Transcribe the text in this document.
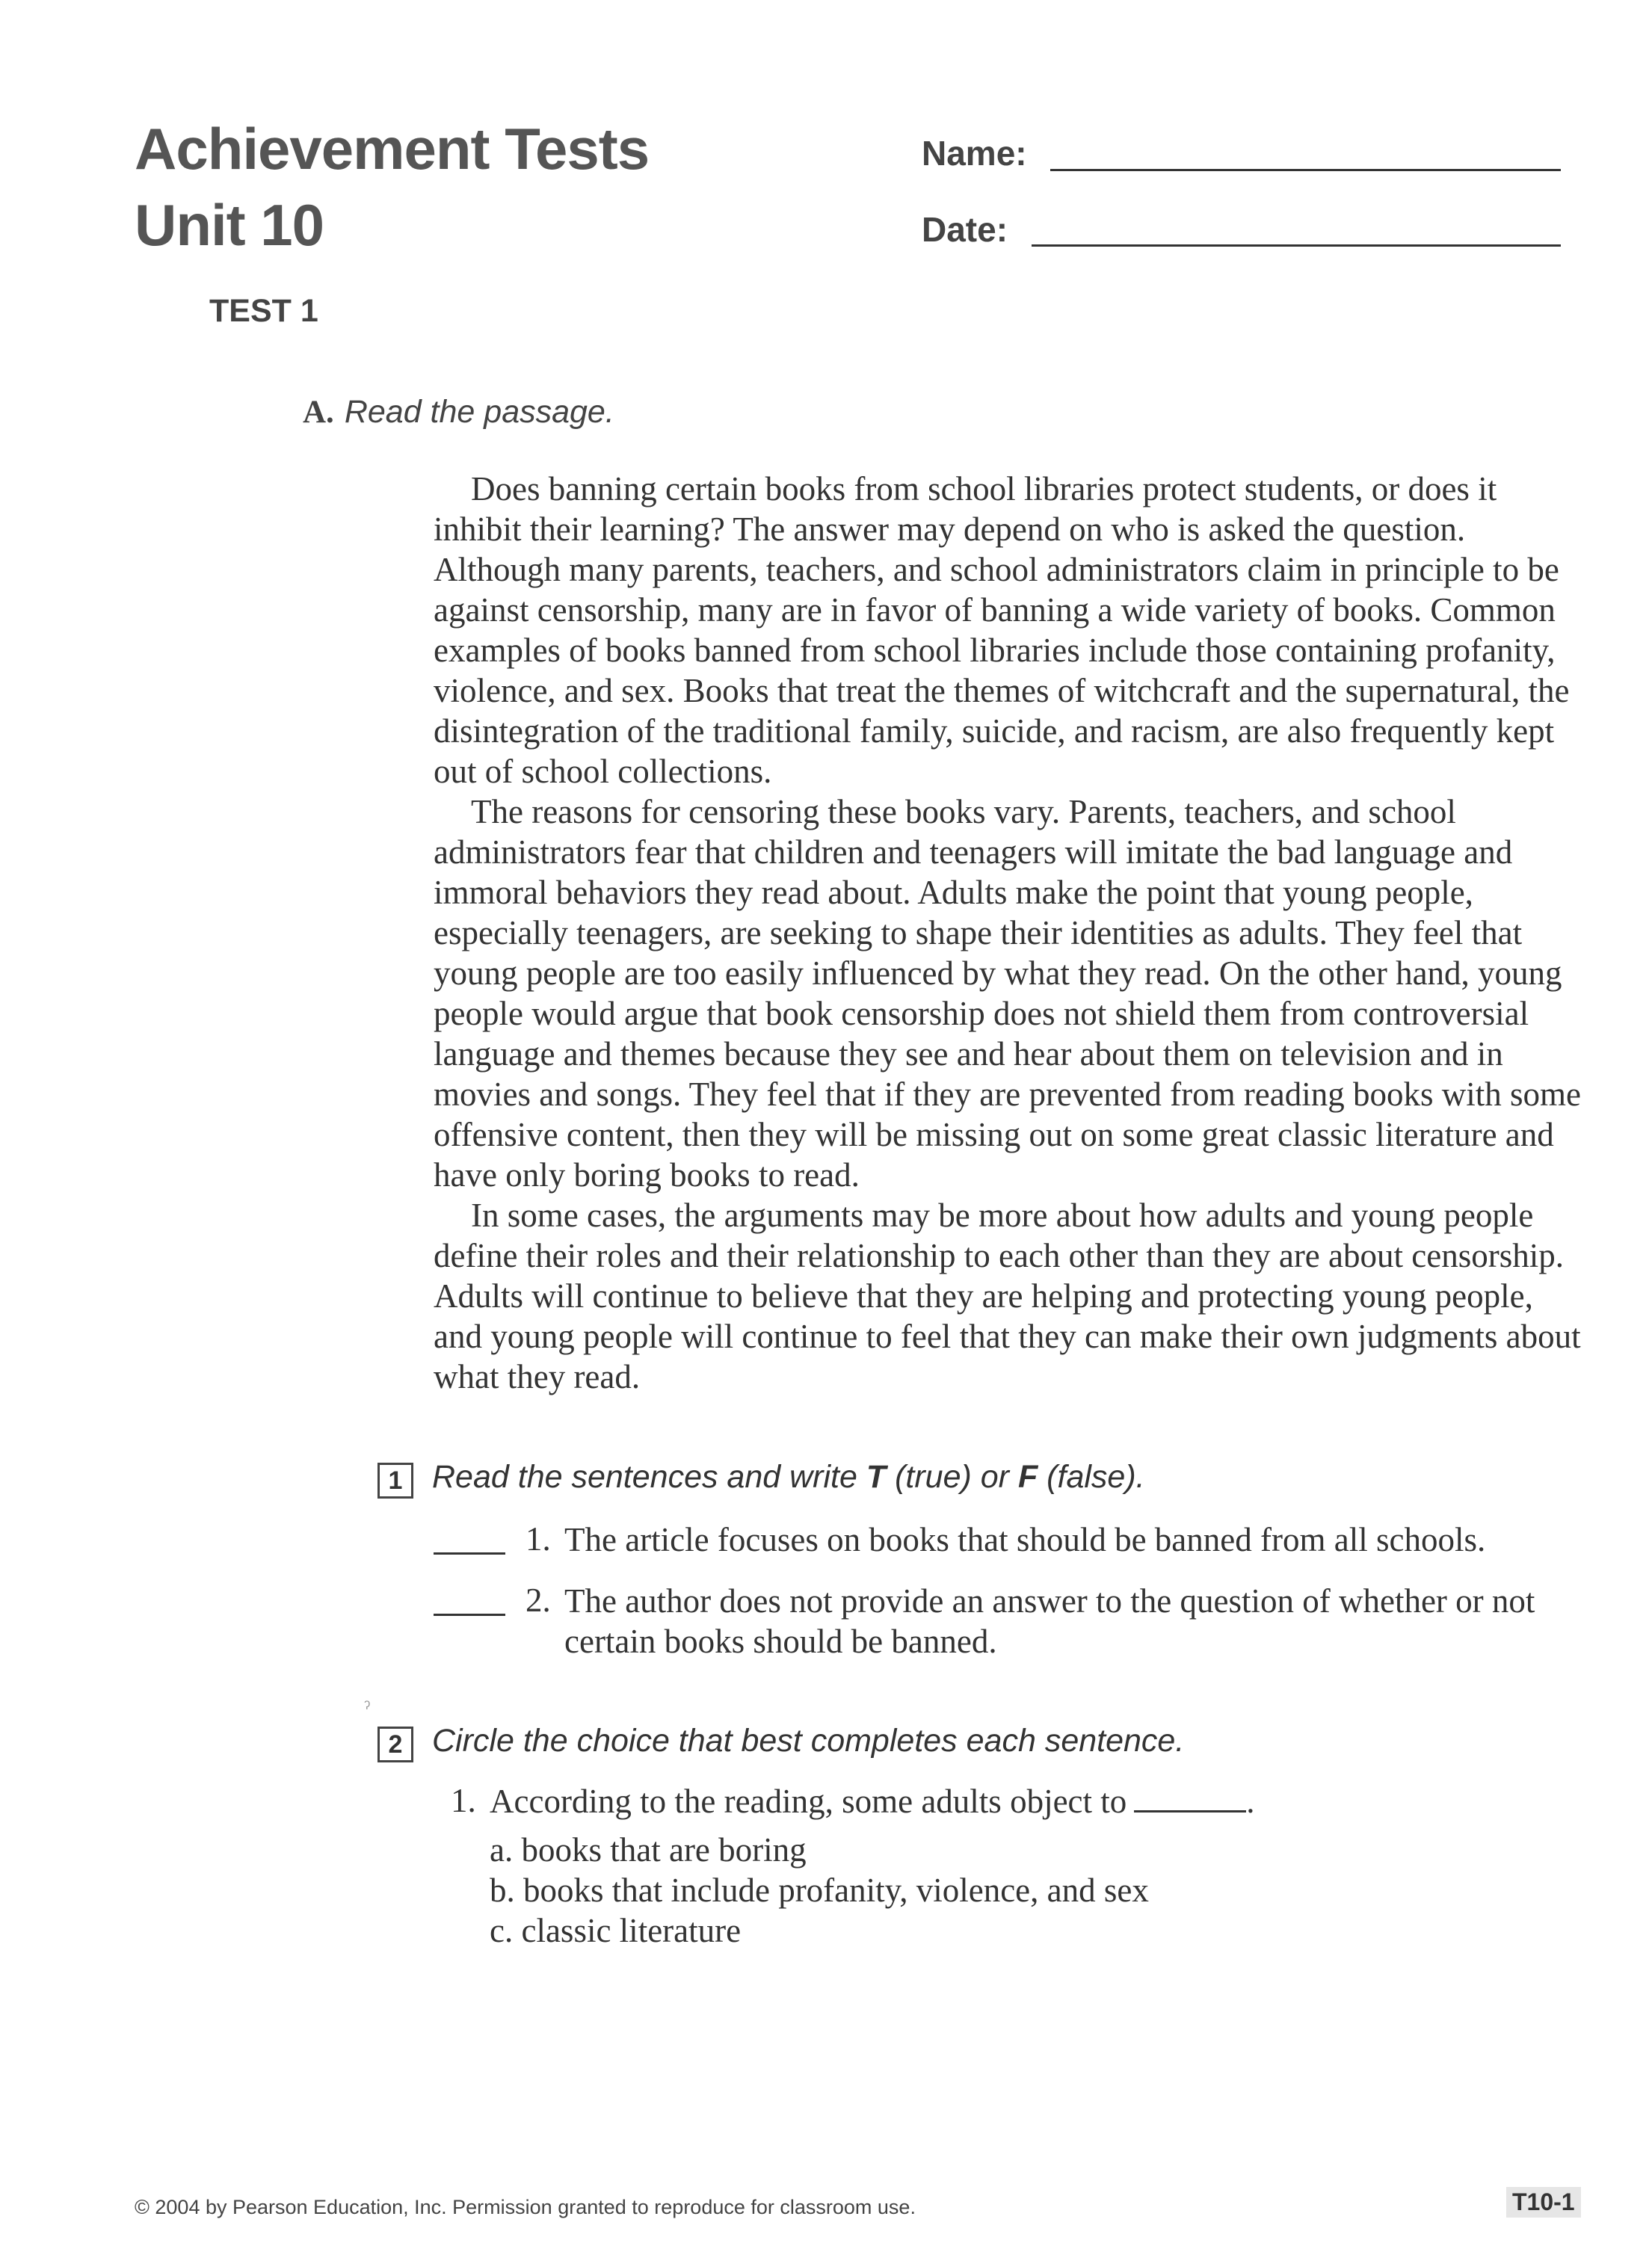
Achievement Tests
Unit 10
Name:
Date:
TEST 1
A. Read the passage.

Does banning certain books from school libraries protect students, or does it inhibit their learning? The answer may depend on who is asked the question. Although many parents, teachers, and school administrators claim in principle to be against censorship, many are in favor of banning a wide variety of books. Common examples of books banned from school libraries include those containing profanity, violence, and sex. Books that treat the themes of witchcraft and the supernatural, the disintegration of the traditional family, suicide, and racism, are also frequently kept out of school collections.

The reasons for censoring these books vary. Parents, teachers, and school administrators fear that children and teenagers will imitate the bad language and immoral behaviors they read about. Adults make the point that young people, especially teenagers, are seeking to shape their identities as adults. They feel that young people are too easily influenced by what they read. On the other hand, young people would argue that book censorship does not shield them from controversial language and themes because they see and hear about them on television and in movies and songs. They feel that if they are prevented from reading books with some offensive content, then they will be missing out on some great classic literature and have only boring books to read.

In some cases, the arguments may be more about how adults and young people define their roles and their relationship to each other than they are about censorship. Adults will continue to believe that they are helping and protecting young people, and young people will continue to feel that they can make their own judgments about what they read.

1 Read the sentences and write T (true) or F (false).
1. The article focuses on books that should be banned from all schools.
2. The author does not provide an answer to the question of whether or not certain books should be banned.
ˀ
2 Circle the choice that best completes each sentence.
1. According to the reading, some adults object to	.
a. books that are boring
b. books that include profanity, violence, and sex
c. classic literature
© 2004 by Pearson Education, Inc. Permission granted to reproduce for classroom use.	T10-1
